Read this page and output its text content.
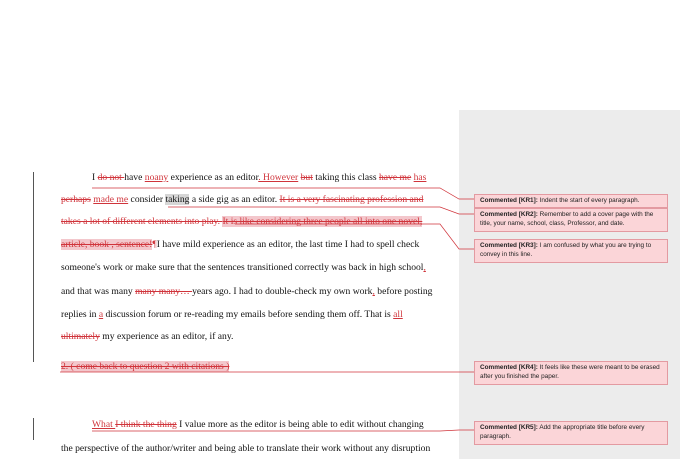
I do not have noany experience as an editor. However but taking this class have me has
perhaps made me consider taking a side gig as an editor. It is a very fascinating profession and
takes a lot of different elements into play. It is like considering three people all into one novel,
article, book , sentence!¶I have mild experience as an editor, the last time I had to spell check
someone's work or make sure that the sentences transitioned correctly was back in high school,
and that was many many many… years ago. I had to double-check my own work, before posting
replies in a discussion forum or re-reading my emails before sending them off. That is all
ultimately my experience as an editor, if any.
2. ( come back to question 2 with citations )
What I think the thing I value more as the editor is being able to edit without changing
the perspective of the author/writer and being able to translate their work without any disruption
Commented [KR1]: Indent the start of every paragraph.
Commented [KR2]: Remember to add a cover page with the title, your name, school, class, Professor, and date.
Commented [KR3]: I am confused by what you are trying to convey in this line.
Commented [KR4]: It feels like these were meant to be erased after you finished the paper.
Commented [KR5]: Add the appropriate title before every paragraph.
